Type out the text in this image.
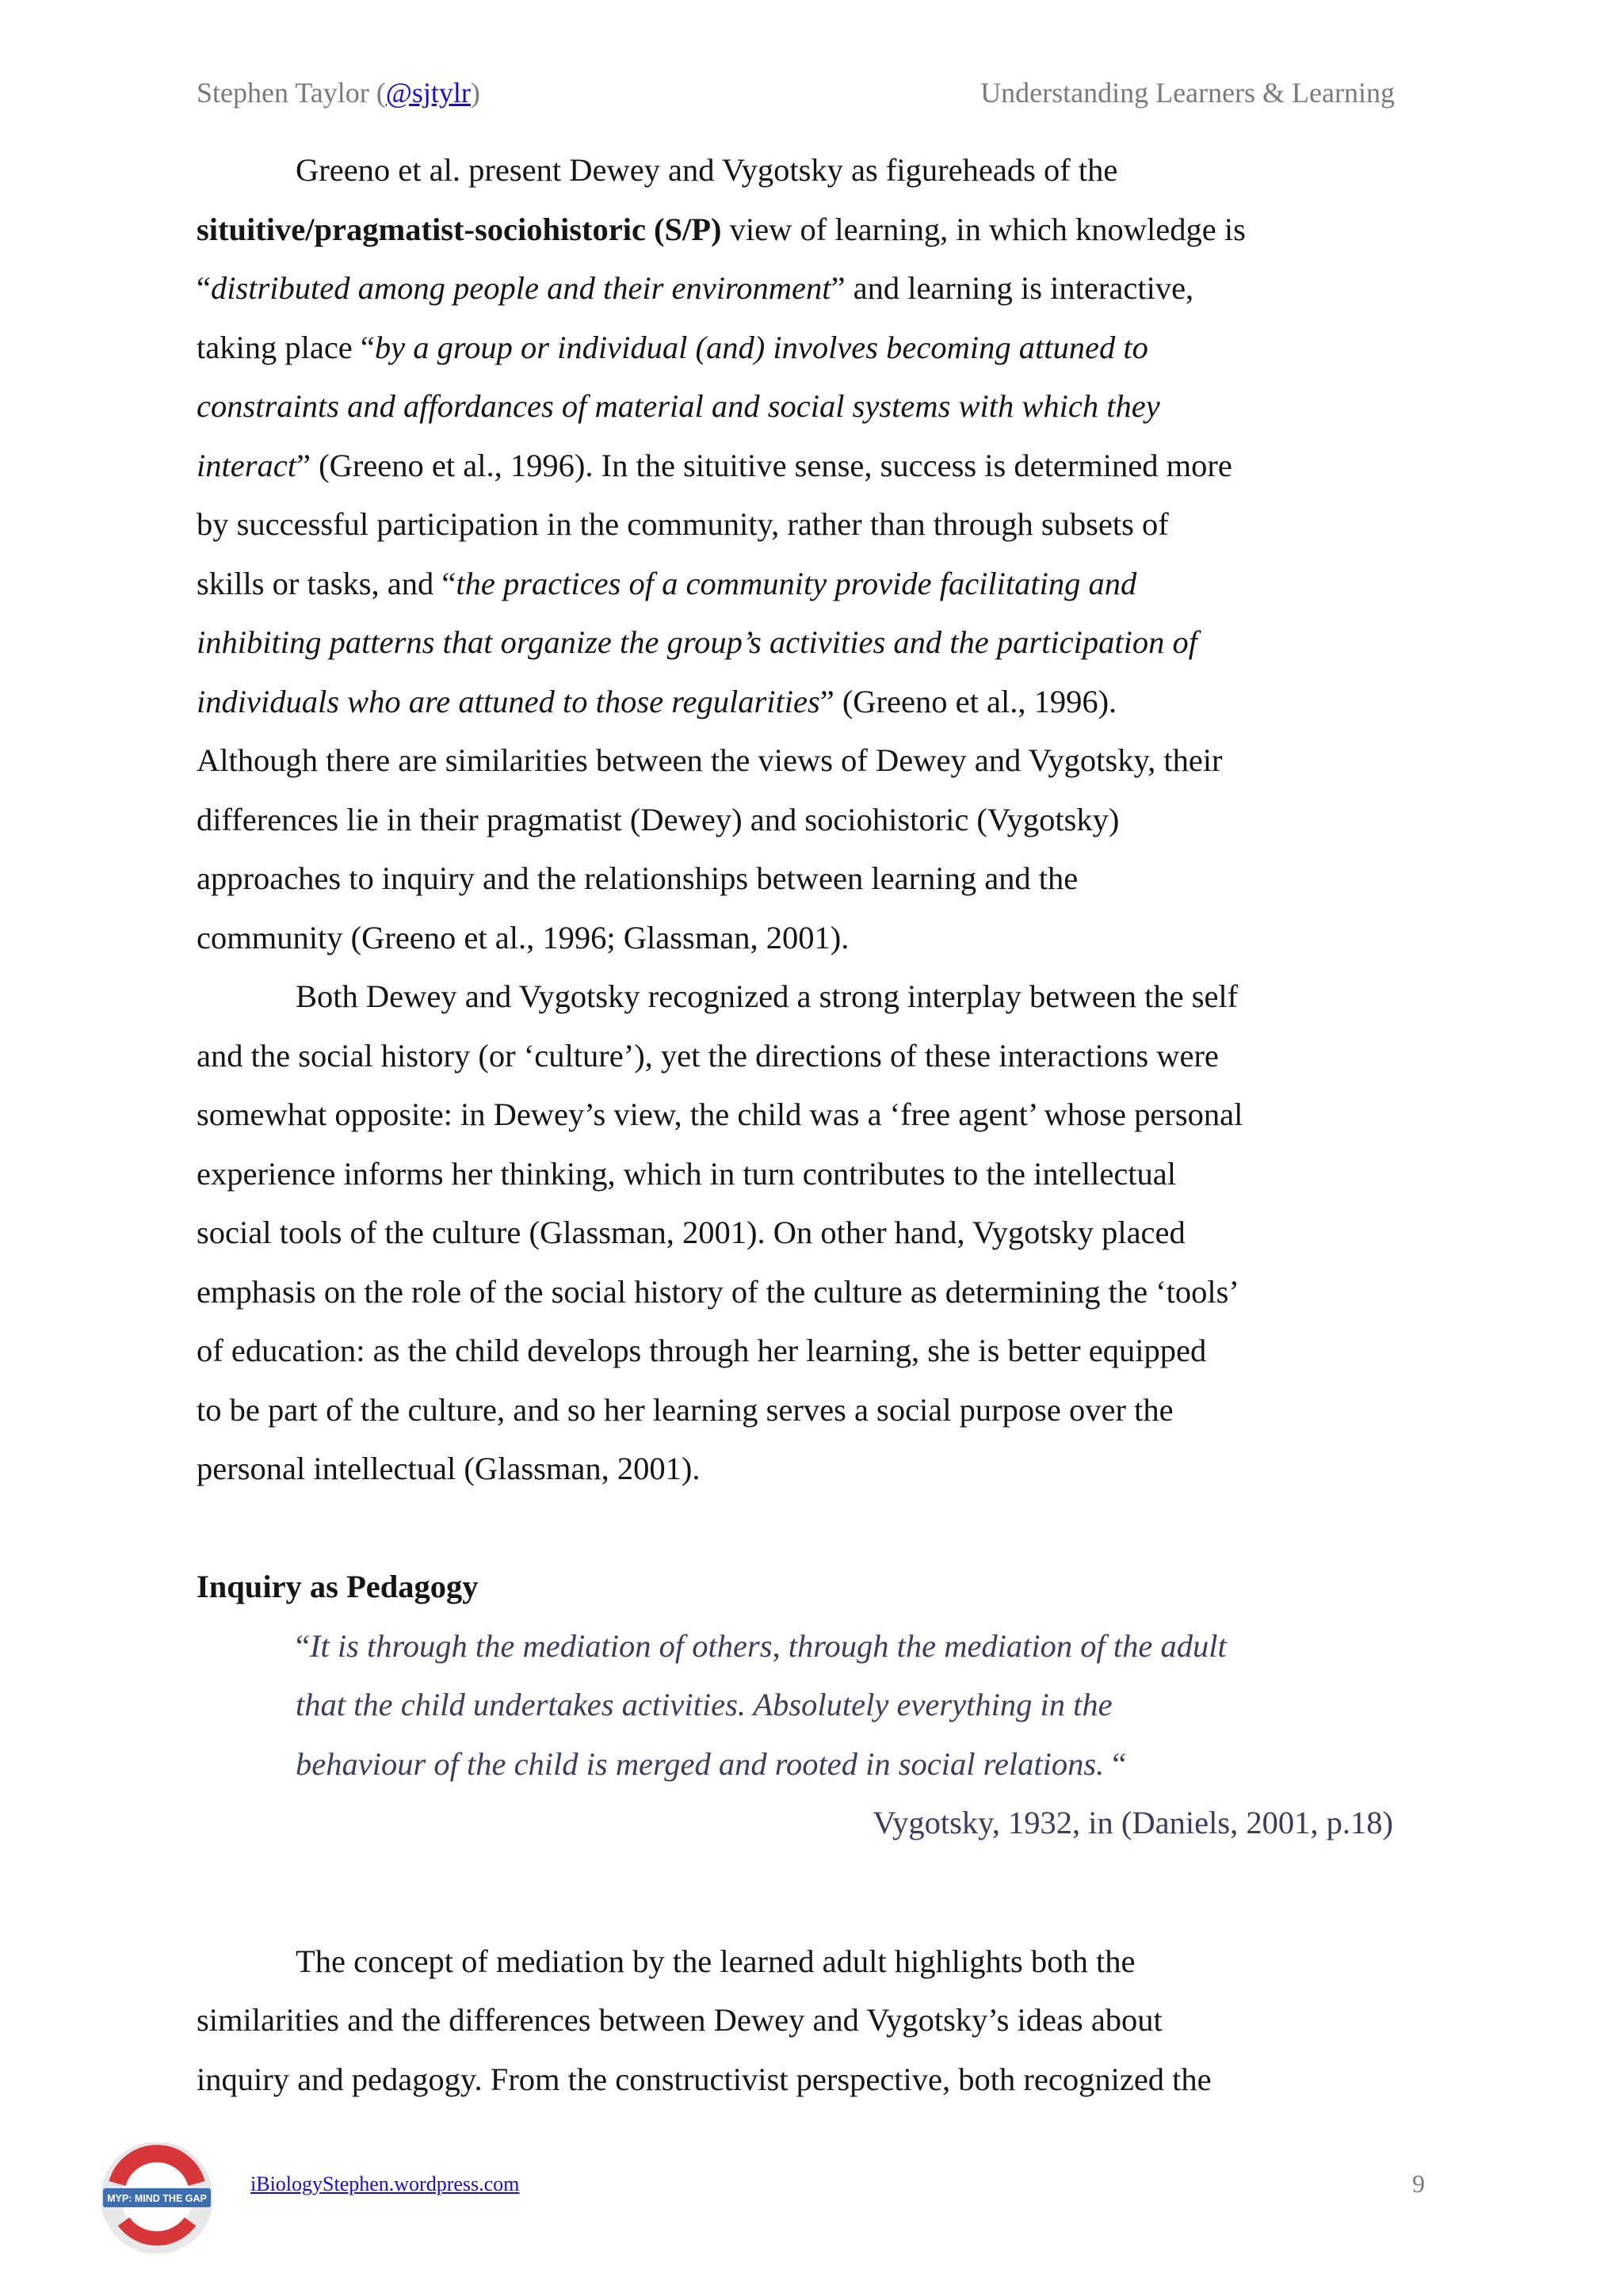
Stephen Taylor (@sjtylr)	Understanding Learners & Learning

Greeno et al. present Dewey and Vygotsky as figureheads of the
situitive/pragmatist-sociohistoric (S/P) view of learning, in which knowledge is
“distributed among people and their environment” and learning is interactive,
taking place “by a group or individual (and) involves becoming attuned to
constraints and affordances of material and social systems with which they
interact” (Greeno et al., 1996). In the situitive sense, success is determined more
by successful participation in the community, rather than through subsets of
skills or tasks, and “the practices of a community provide facilitating and
inhibiting patterns that organize the group’s activities and the participation of
individuals who are attuned to those regularities” (Greeno et al., 1996).
Although there are similarities between the views of Dewey and Vygotsky, their
differences lie in their pragmatist (Dewey) and sociohistoric (Vygotsky)
approaches to inquiry and the relationships between learning and the
community (Greeno et al., 1996; Glassman, 2001).

Both Dewey and Vygotsky recognized a strong interplay between the self
and the social history (or ‘culture’), yet the directions of these interactions were
somewhat opposite: in Dewey’s view, the child was a ‘free agent’ whose personal
experience informs her thinking, which in turn contributes to the intellectual
social tools of the culture (Glassman, 2001). On other hand, Vygotsky placed
emphasis on the role of the social history of the culture as determining the ‘tools’
of education: as the child develops through her learning, she is better equipped
to be part of the culture, and so her learning serves a social purpose over the
personal intellectual (Glassman, 2001).

Inquiry as Pedagogy

“It is through the mediation of others, through the mediation of the adult
that the child undertakes activities. Absolutely everything in the
behaviour of the child is merged and rooted in social relations. “

Vygotsky, 1932, in (Daniels, 2001, p.18)

The concept of mediation by the learned adult highlights both the
similarities and the differences between Dewey and Vygotsky’s ideas about
inquiry and pedagogy. From the constructivist perspective, both recognized the

MYP: MIND THE GAP
iBiologyStephen.wordpress.com	9
